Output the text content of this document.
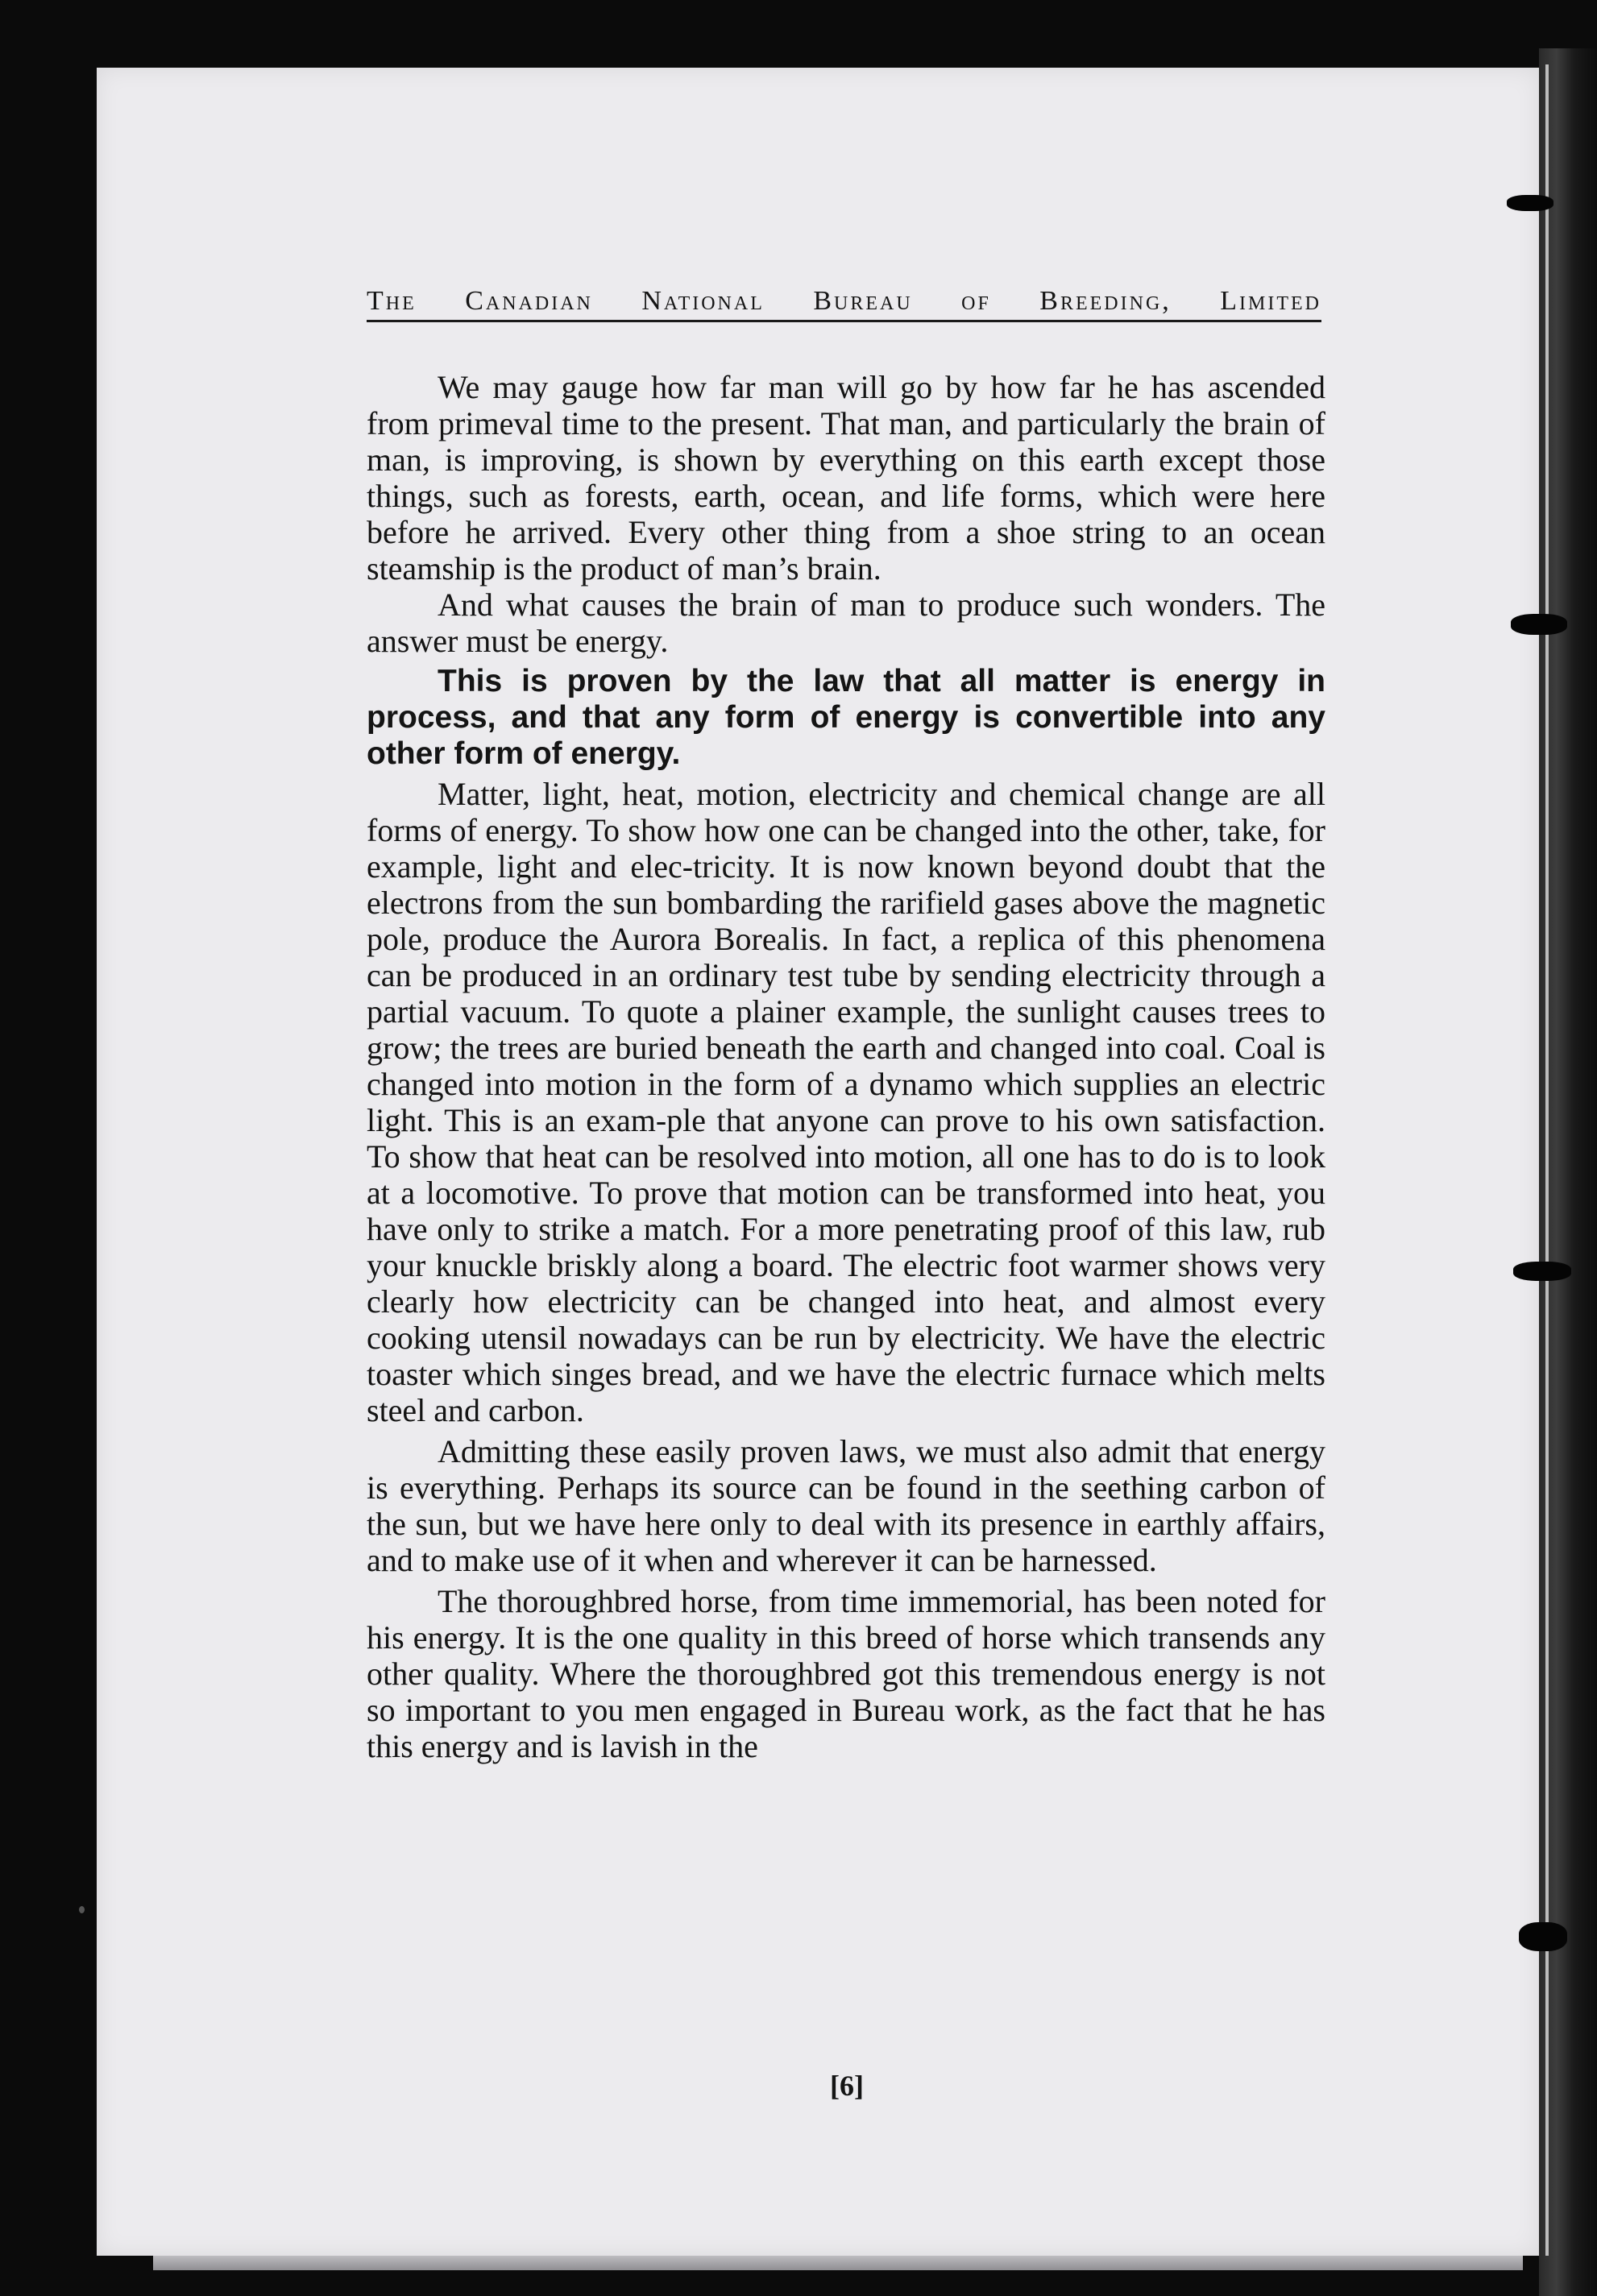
The Canadian National Bureau of Breeding, Limited

We may gauge how far man will go by how far he has ascended from primeval time to the present. That man, and particularly the brain of man, is improving, is shown by everything on this earth except those things, such as forests, earth, ocean, and life forms, which were here before he arrived. Every other thing from a shoe string to an ocean steamship is the product of man’s brain.

And what causes the brain of man to produce such wonders. The answer must be energy.

This is proven by the law that all matter is energy in process, and that any form of energy is convertible into any other form of energy.

Matter, light, heat, motion, electricity and chemical change are all forms of energy. To show how one can be changed into the other, take, for example, light and elec-tricity. It is now known beyond doubt that the electrons from the sun bombarding the rarifield gases above the magnetic pole, produce the Aurora Borealis. In fact, a replica of this phenomena can be produced in an ordinary test tube by sending electricity through a partial vacuum. To quote a plainer example, the sunlight causes trees to grow; the trees are buried beneath the earth and changed into coal. Coal is changed into motion in the form of a dynamo which supplies an electric light. This is an exam-ple that anyone can prove to his own satisfaction. To show that heat can be resolved into motion, all one has to do is to look at a locomotive. To prove that motion can be transformed into heat, you have only to strike a match. For a more penetrating proof of this law, rub your knuckle briskly along a board. The electric foot warmer shows very clearly how electricity can be changed into heat, and almost every cooking utensil nowadays can be run by electricity. We have the electric toaster which singes bread, and we have the electric furnace which melts steel and carbon.

Admitting these easily proven laws, we must also admit that energy is everything. Perhaps its source can be found in the seething carbon of the sun, but we have here only to deal with its presence in earthly affairs, and to make use of it when and wherever it can be harnessed.

The thoroughbred horse, from time immemorial, has been noted for his energy. It is the one quality in this breed of horse which transends any other quality. Where the thoroughbred got this tremendous energy is not so important to you men engaged in Bureau work, as the fact that he has this energy and is lavish in the

[6]
